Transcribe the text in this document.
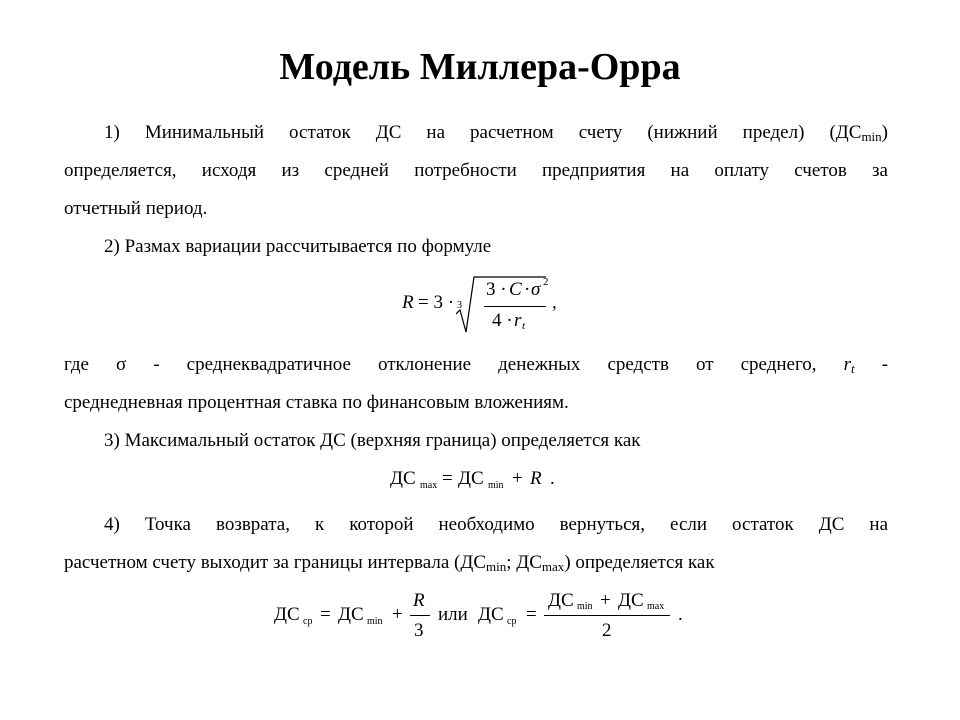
Модель Миллера-Орра
1) Минимальный остаток ДС на расчетном счету (нижний предел) $(ДС_{min})$
определяется, исходя из средней потребности предприятия на оплату счетов за
отчетный период.
2) Размах вариации рассчитывается по формуле
R = 3 · 3
3 · C · σ 2
4 · r t
,
где σ - среднеквадратичное отклонение денежных средств от среднего, $r_t$ -
среднедневная процентная ставка по финансовым вложениям.
3) Максимальный остаток ДС (верхняя граница) определяется как
ДС max = ДС min + R .
4) Точка возврата, к которой необходимо вернуться, если остаток ДС на
расчетном счету выходит за границы интервала ($ДС_{min}$; $ДС_{max}$) определяется как
ДС ср = ДС min +
R
3
или ДС ср =
ДС min + ДС max
2
.
